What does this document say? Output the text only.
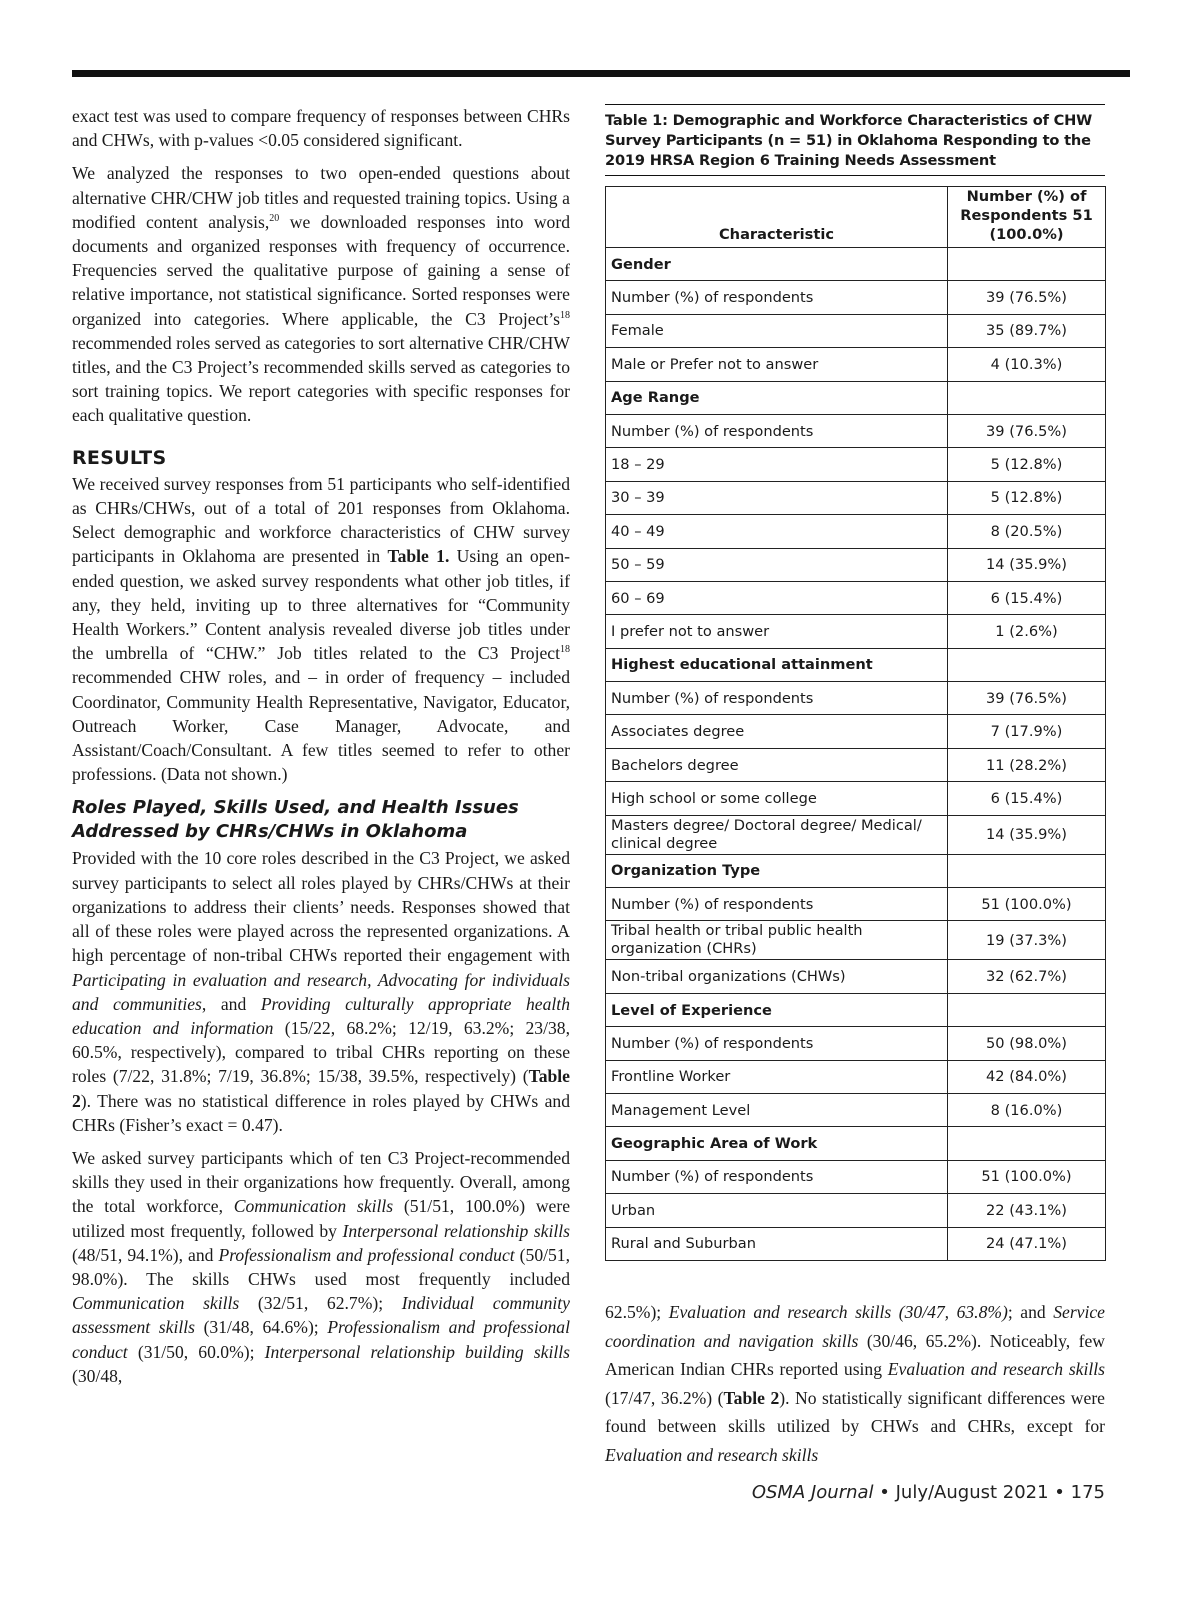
exact test was used to compare frequency of responses between CHRs and CHWs, with p-values <0.05 considered significant.

We analyzed the responses to two open-ended questions about alternative CHR/CHW job titles and requested training topics. Using a modified content analysis,$^{20}$ we downloaded responses into word documents and organized responses with frequency of occurrence. Frequencies served the qualitative purpose of gaining a sense of relative importance, not statistical significance. Sorted responses were organized into categories. Where applicable, the C3 $Project’s^{18}$ recommended roles served as categories to sort alternative CHR/CHW titles, and the C3 Project’s recommended skills served as categories to sort training topics. We report categories with specific responses for each qualitative question.

RESULTS

We received survey responses from 51 participants who self-identified as CHRs/CHWs, out of a total of 201 responses from Oklahoma. Select demographic and workforce characteristics of CHW survey participants in Oklahoma are presented in Table 1. Using an open-ended question, we asked survey respondents what other job titles, if any, they held, inviting up to three alternatives for “Community Health Workers.” Content analysis revealed diverse job titles under the umbrella of “CHW.” Job titles related to the C3 Project$^{18}$ recommended CHW roles, and – in order of frequency – included Coordinator, Community Health Representative, Navigator, Educator, Outreach Worker, Case Manager, Advocate, and Assistant/Coach/Consultant. A few titles seemed to refer to other professions. (Data not shown.)

Roles Played, Skills Used, and Health Issues Addressed by CHRs/CHWs in Oklahoma

Provided with the 10 core roles described in the C3 Project, we asked survey participants to select all roles played by CHRs/CHWs at their organizations to address their clients’ needs. Responses showed that all of these roles were played across the represented organizations. A high percentage of non-tribal CHWs reported their engagement with Participating in evaluation and research, Advocating for individuals and communities, and Providing culturally appropriate health education and information (15/22, 68.2%; 12/19, 63.2%; 23/38, 60.5%, respectively), compared to tribal CHRs reporting on these roles (7/22, 31.8%; 7/19, 36.8%; 15/38, 39.5%, respectively) (Table 2). There was no statistical difference in roles played by CHWs and CHRs (Fisher’s exact = 0.47).

We asked survey participants which of ten C3 Project-recommended skills they used in their organizations how frequently. Overall, among the total workforce, Communication skills (51/51, 100.0%) were utilized most frequently, followed by Interpersonal relationship skills (48/51, 94.1%), and Professionalism and professional conduct (50/51, 98.0%). The skills CHWs used most frequently included Communication skills (32/51, 62.7%); Individual community assessment skills (31/48, 64.6%); Professionalism and professional conduct (31/50, 60.0%); Interpersonal relationship building skills (30/48,

Table 1: Demographic and Workforce Characteristics of CHW Survey Participants (n = 51) in Oklahoma Responding to the 2019 HRSA Region 6 Training Needs Assessment
Characteristic	Number (%) of Respondents 51 (100.0%)
Gender	
Number (%) of respondents	39 (76.5%)
Female	35 (89.7%)
Male or Prefer not to answer	4 (10.3%)
Age Range	
Number (%) of respondents	39 (76.5%)
18 – 29	5 (12.8%)
30 – 39	5 (12.8%)
40 – 49	8 (20.5%)
50 – 59	14 (35.9%)
60 – 69	6 (15.4%)
I prefer not to answer	1 (2.6%)
Highest educational attainment	
Number (%) of respondents	39 (76.5%)
Associates degree	7 (17.9%)
Bachelors degree	11 (28.2%)
High school or some college	6 (15.4%)
Masters degree/ Doctoral degree/ Medical/ clinical degree	14 (35.9%)
Organization Type	
Number (%) of respondents	51 (100.0%)
Tribal health or tribal public health organization (CHRs)	19 (37.3%)
Non-tribal organizations (CHWs)	32 (62.7%)
Level of Experience	
Number (%) of respondents	50 (98.0%)
Frontline Worker	42 (84.0%)
Management Level	8 (16.0%)
Geographic Area of Work	
Number (%) of respondents	51 (100.0%)
Urban	22 (43.1%)
Rural and Suburban	24 (47.1%)

62.5%); Evaluation and research skills (30/47, 63.8%); and Service coordination and navigation skills (30/46, 65.2%). Noticeably, few American Indian CHRs reported using Evaluation and research skills (17/47, 36.2%) (Table 2). No statistically significant differences were found between skills utilized by CHWs and CHRs, except for Evaluation and research skills

OSMA Journal • July/August 2021 • 175
